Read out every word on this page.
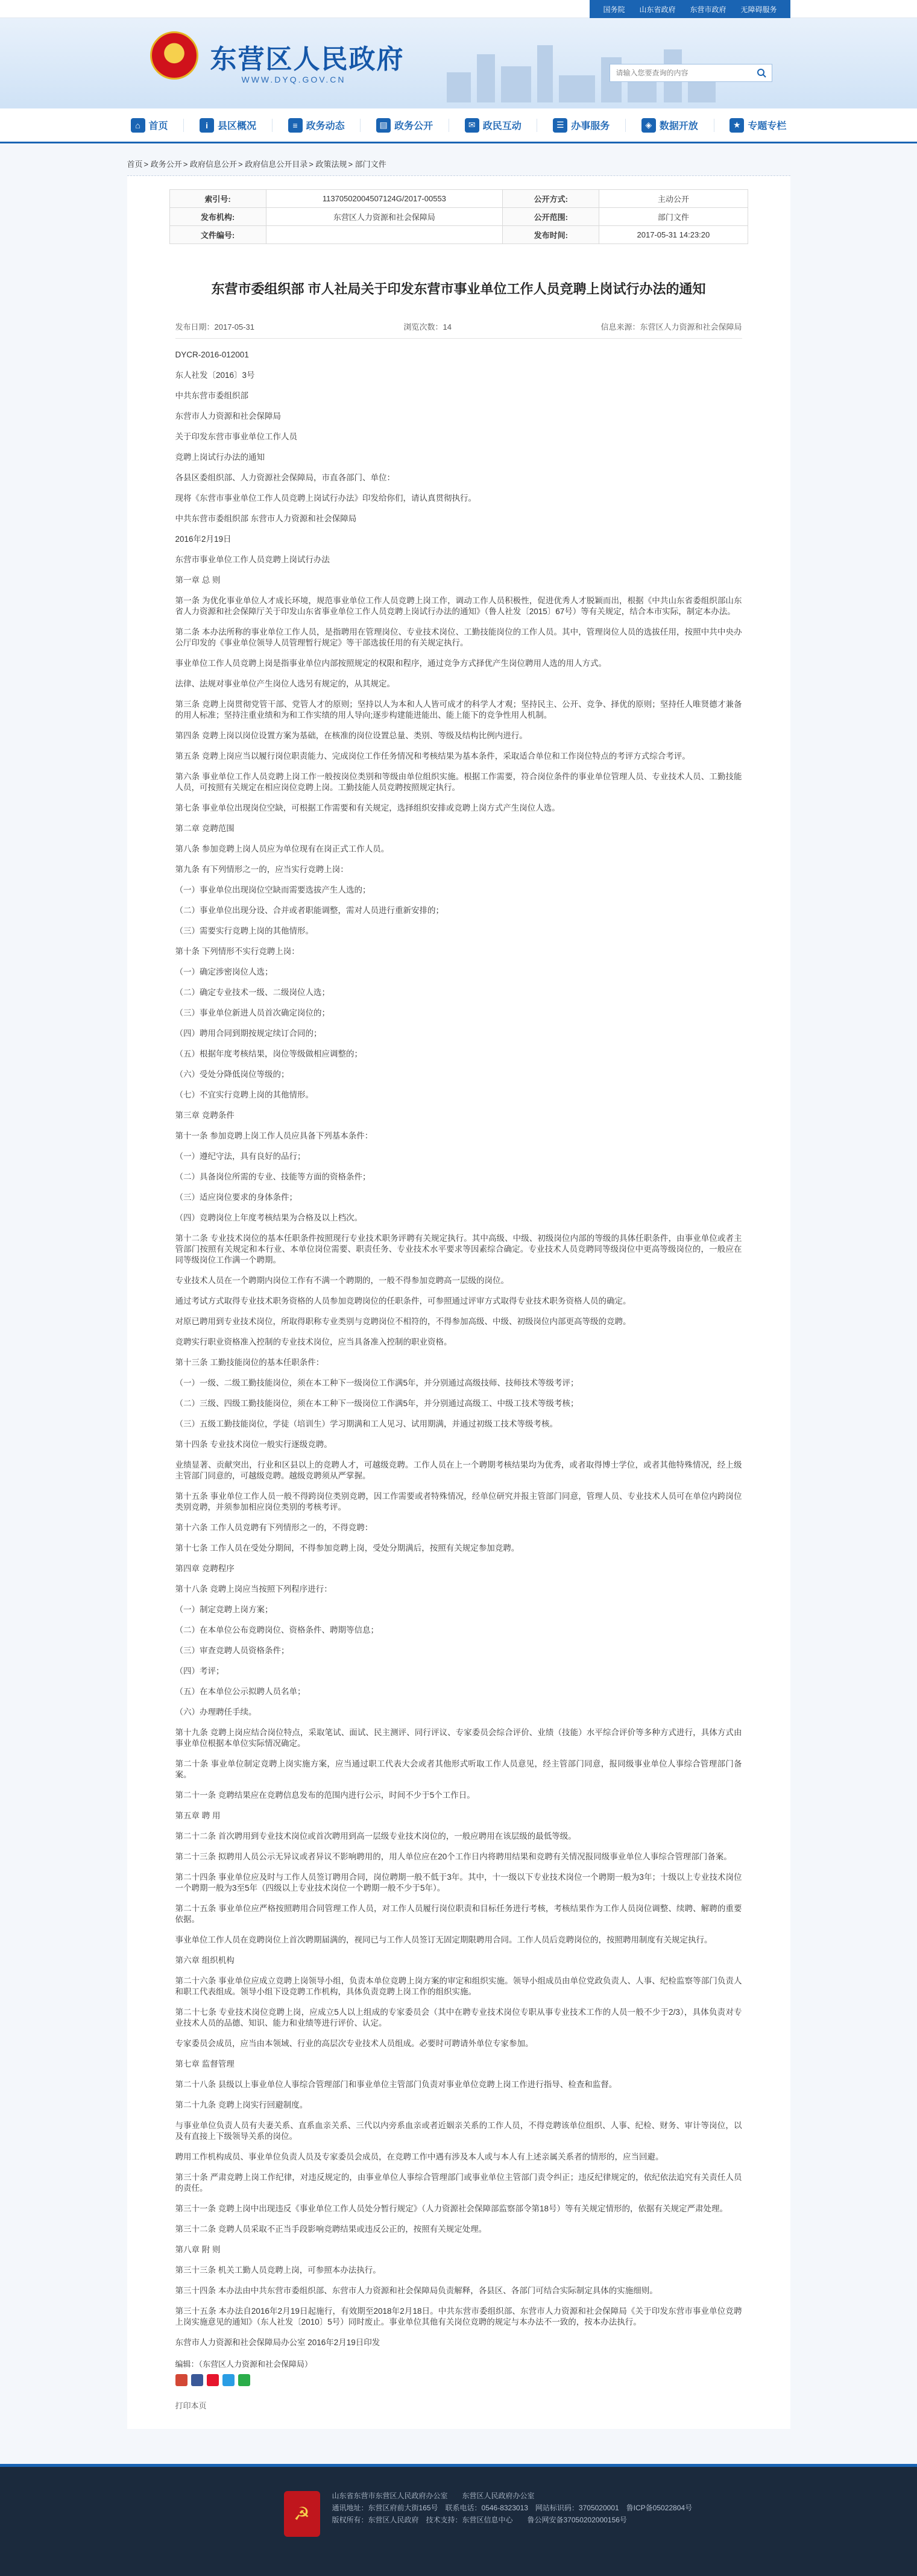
国务院	山东省政府	东营市政府	无障碍服务
★
东营区人民政府
WWW.DYQ.GOV.CN
请输入您要查询的内容
⌂ 首页	i	县区概况	≡ 政务动态	▤ 政务公开	✉ 政民互动	☰ 办事服务	◈ 数据开放	★ 专题专栏
首页 > 政务公开 > 政府信息公开 > 政府信息公开目录 > 政策法规 > 部门文件
索引号:	11370502004507124G/2017-00553	公开方式:	主动公开
发布机构:	东营区人力资源和社会保障局	公开范围:	部门文件
文件编号:		发布时间:	2017-05-31 14:23:20
东营市委组织部 市人社局关于印发东营市事业单位工作人员竞聘上岗试行办法的通知
发布日期：2017-05-31	浏览次数：14	信息来源：东营区人力资源和社会保障局

DYCR-2016-012001

东人社发〔2016〕3号

中共东营市委组织部

东营市人力资源和社会保障局

关于印发东营市事业单位工作人员

竞聘上岗试行办法的通知

各县区委组织部、人力资源社会保障局，市直各部门、单位：

现将《东营市事业单位工作人员竞聘上岗试行办法》印发给你们，请认真贯彻执行。

中共东营市委组织部 东营市人力资源和社会保障局

2016年2月19日

东营市事业单位工作人员竞聘上岗试行办法

第一章 总 则

第一条 为优化事业单位人才成长环境，规范事业单位工作人员竞聘上岗工作，调动工作人员积极性，促进优秀人才脱颖而出，根据《中共山东省委组织部山东省人力资源和社会保障厅关于印发山东省事业单位工作人员竞聘上岗试行办法的通知》（鲁人社发〔2015〕67号）等有关规定，结合本市实际，制定本办法。

第二条 本办法所称的事业单位工作人员，是指聘用在管理岗位、专业技术岗位、工勤技能岗位的工作人员。其中，管理岗位人员的选拔任用，按照中共中央办公厅印发的《事业单位领导人员管理暂行规定》等干部选拔任用的有关规定执行。

事业单位工作人员竞聘上岗是指事业单位内部按照规定的权限和程序，通过竞争方式择优产生岗位聘用人选的用人方式。

法律、法规对事业单位产生岗位人选另有规定的，从其规定。

第三条 竞聘上岗贯彻党管干部、党管人才的原则；坚持以人为本和人人皆可成才的科学人才观；坚持民主、公开、竞争、择优的原则；坚持任人唯贤德才兼备的用人标准；坚持注重业绩和为和工作实绩的用人导向;逐步构建能进能出、能上能下的竞争性用人机制。

第四条 竞聘上岗以岗位设置方案为基础，在核准的岗位设置总量、类别、等级及结构比例内进行。

第五条 竞聘上岗应当以履行岗位职责能力、完成岗位工作任务情况和考核结果为基本条件，采取适合单位和工作岗位特点的考评方式综合考评。

第六条 事业单位工作人员竞聘上岗工作一般按岗位类别和等级由单位组织实施。根据工作需要，符合岗位条件的事业单位管理人员、专业技术人员、工勤技能人员，可按照有关规定在相应岗位竞聘上岗。工勤技能人员竞聘按照规定执行。

第七条 事业单位出现岗位空缺，可根据工作需要和有关规定，选择组织安排或竞聘上岗方式产生岗位人选。

第二章 竞聘范围

第八条 参加竞聘上岗人员应为单位现有在岗正式工作人员。

第九条 有下列情形之一的，应当实行竞聘上岗：

（一）事业单位出现岗位空缺而需要选拔产生人选的；

（二）事业单位出现分设、合并或者职能调整，需对人员进行重新安排的；

（三）需要实行竞聘上岗的其他情形。

第十条 下列情形不实行竞聘上岗：

（一）确定涉密岗位人选；

（二）确定专业技术一级、二级岗位人选；

（三）事业单位新进人员首次确定岗位的；

（四）聘用合同到期按规定续订合同的；

（五）根据年度考核结果，岗位等级做相应调整的；

（六）受处分降低岗位等级的；

（七）不宜实行竞聘上岗的其他情形。

第三章 竞聘条件

第十一条 参加竞聘上岗工作人员应具备下列基本条件：

（一）遵纪守法，具有良好的品行；

（二）具备岗位所需的专业、技能等方面的资格条件；

（三）适应岗位要求的身体条件；

（四）竞聘岗位上年度考核结果为合格及以上档次。

第十二条 专业技术岗位的基本任职条件按照现行专业技术职务评聘有关规定执行。其中高级、中级、初级岗位内部的等级的具体任职条件，由事业单位或者主管部门按照有关规定和本行业、本单位岗位需要、职责任务、专业技术水平要求等因素综合确定。专业技术人员竞聘同等级岗位中更高等级岗位的，一般应在同等级岗位工作满一个聘期。

专业技术人员在一个聘期内岗位工作有不满一个聘期的，一般不得参加竞聘高一层级的岗位。

通过考试方式取得专业技术职务资格的人员参加竞聘岗位的任职条件，可参照通过评审方式取得专业技术职务资格人员的确定。

对原已聘用到专业技术岗位，所取得职称专业类别与竞聘岗位不相符的，不得参加高级、中级、初级岗位内部更高等级的竞聘。

竞聘实行职业资格准入控制的专业技术岗位，应当具备准入控制的职业资格。

第十三条 工勤技能岗位的基本任职条件：

（一）一级、二级工勤技能岗位，须在本工种下一级岗位工作满5年，并分别通过高级技师、技师技术等级考评；

（二）三级、四级工勤技能岗位，须在本工种下一级岗位工作满5年，并分别通过高级工、中级工技术等级考核；

（三）五级工勤技能岗位，学徒（培训生）学习期满和工人见习、试用期满，并通过初级工技术等级考核。

第十四条 专业技术岗位一般实行逐级竞聘。

业绩显著、贡献突出，行业和区县以上的竞聘人才，可越级竞聘。工作人员在上一个聘期考核结果均为优秀，或者取得博士学位，或者其他特殊情况，经上级主管部门同意的，可越级竞聘。越级竞聘须从严掌握。

第十五条 事业单位工作人员一般不得跨岗位类别竞聘，因工作需要或者特殊情况，经单位研究并报主管部门同意，管理人员、专业技术人员可在单位内跨岗位类别竞聘，并须参加相应岗位类别的考核考评。

第十六条 工作人员竞聘有下列情形之一的，不得竞聘：

第十七条 工作人员在受处分期间，不得参加竞聘上岗，受处分期满后，按照有关规定参加竞聘。

第四章 竞聘程序

第十八条 竞聘上岗应当按照下列程序进行：

（一）制定竞聘上岗方案；

（二）在本单位公布竞聘岗位、资格条件、聘期等信息；

（三）审查竞聘人员资格条件；

（四）考评；

（五）在本单位公示拟聘人员名单；

（六）办理聘任手续。

第十九条 竞聘上岗应结合岗位特点，采取笔试、面试、民主测评、同行评议、专家委员会综合评价、业绩（技能）水平综合评价等多种方式进行，具体方式由事业单位根据本单位实际情况确定。

第二十条 事业单位制定竞聘上岗实施方案，应当通过职工代表大会或者其他形式听取工作人员意见，经主管部门同意，报同级事业单位人事综合管理部门备案。

第二十一条 竞聘结果应在竞聘信息发布的范围内进行公示，时间不少于5个工作日。

第五章 聘 用

第二十二条 首次聘用到专业技术岗位或首次聘用到高一层级专业技术岗位的，一般应聘用在该层级的最低等级。

第二十三条 拟聘用人员公示无异议或者异议不影响聘用的，用人单位应在20个工作日内将聘用结果和竞聘有关情况报同级事业单位人事综合管理部门备案。

第二十四条 事业单位应及时与工作人员签订聘用合同，岗位聘期一般不低于3年。其中，十一级以下专业技术岗位一个聘期一般为3年；十级以上专业技术岗位一个聘期一般为3至5年（四级以上专业技术岗位一个聘期一般不少于5年）。

第二十五条 事业单位应严格按照聘用合同管理工作人员，对工作人员履行岗位职责和目标任务进行考核，考核结果作为工作人员岗位调整、续聘、解聘的重要依据。

事业单位工作人员在竞聘岗位上首次聘期届满的，视同已与工作人员签订无固定期限聘用合同。工作人员后竞聘岗位的，按照聘用制度有关规定执行。

第六章 组织机构

第二十六条 事业单位应成立竞聘上岗领导小组，负责本单位竞聘上岗方案的审定和组织实施。领导小组成员由单位党政负责人、人事、纪检监察等部门负责人和职工代表组成。领导小组下设竞聘工作机构，具体负责竞聘上岗工作的组织实施。

第二十七条 专业技术岗位竞聘上岗，应成立5人以上组成的专家委员会（其中在聘专业技术岗位专职从事专业技术工作的人员一般不少于2/3），具体负责对专业技术人员的品德、知识、能力和业绩等进行评价、认定。

专家委员会成员，应当由本领域、行业的高层次专业技术人员组成。必要时可聘请外单位专家参加。

第七章 监督管理

第二十八条 县级以上事业单位人事综合管理部门和事业单位主管部门负责对事业单位竞聘上岗工作进行指导、检查和监督。

第二十九条 竞聘上岗实行回避制度。

与事业单位负责人员有夫妻关系、直系血亲关系、三代以内旁系血亲或者近姻亲关系的工作人员，不得竞聘该单位组织、人事、纪检、财务、审计等岗位，以及有直接上下级领导关系的岗位。

聘用工作机构成员、事业单位负责人员及专家委员会成员，在竞聘工作中遇有涉及本人或与本人有上述亲属关系者的情形的，应当回避。

第三十条 严肃竞聘上岗工作纪律，对违反规定的，由事业单位人事综合管理部门或事业单位主管部门责令纠正；违反纪律规定的，依纪依法追究有关责任人员的责任。

第三十一条 竞聘上岗中出现违反《事业单位工作人员处分暂行规定》（人力资源社会保障部监察部令第18号）等有关规定情形的，依据有关规定严肃处理。

第三十二条 竞聘人员采取不正当手段影响竞聘结果或违反公正的，按照有关规定处理。

第八章 附 则

第三十三条 机关工勤人员竞聘上岗，可参照本办法执行。

第三十四条 本办法由中共东营市委组织部、东营市人力资源和社会保障局负责解释，各县区、各部门可结合实际制定具体的实施细则。

第三十五条 本办法自2016年2月19日起施行，有效期至2018年2月18日。中共东营市委组织部、东营市人力资源和社会保障局《关于印发东营市事业单位竞聘上岗实施意见的通知》（东人社发〔2010〕5号）同时废止。事业单位其他有关岗位竞聘的规定与本办法不一致的，按本办法执行。

东营市人力资源和社会保障局办公室 2016年2月19日印发

编辑：（东营区人力资源和社会保障局）
打印本页
☭
山东省东营市东营区人民政府办公室　　东营区人民政府办公室
通讯地址：东营区府前大街165号　联系电话：0546-8323013　网站标识码：3705020001　鲁ICP备05022804号
版权所有：东营区人民政府　技术支持：东营区信息中心　　鲁公网安备37050202000156号
